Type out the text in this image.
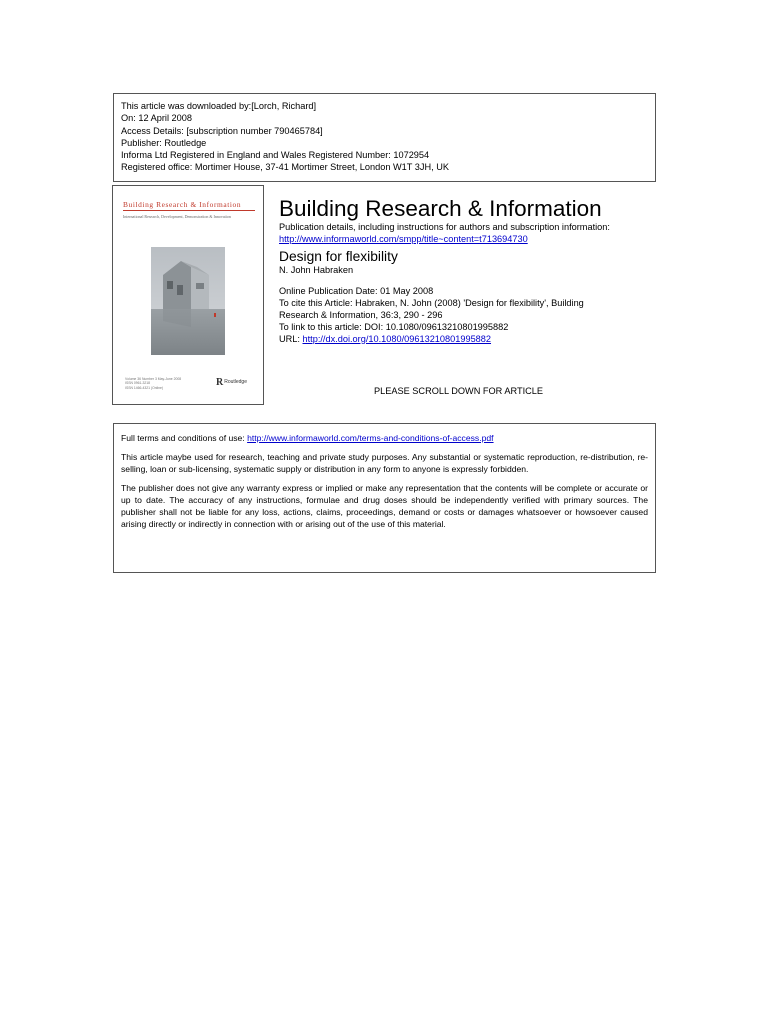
This article was downloaded by:[Lorch, Richard]
On: 12 April 2008
Access Details: [subscription number 790465784]
Publisher: Routledge
Informa Ltd Registered in England and Wales Registered Number: 1072954
Registered office: Mortimer House, 37-41 Mortimer Street, London W1T 3JH, UK
Building Research & Information
International Research, Development, Demonstration & Innovation
Volume 36 Number 3 May-June 2008
ISSN 0961-3218
ISSN 1466-4321 (Online)
RRoutledge
Building Research & Information
Publication details, including instructions for authors and subscription information:
http://www.informaworld.com/smpp/title~content=t713694730
Design for flexibility
N. John Habraken
Online Publication Date: 01 May 2008
To cite this Article: Habraken, N. John (2008) 'Design for flexibility', Building
Research & Information, 36:3, 290 - 296
To link to this article: DOI: 10.1080/09613210801995882
URL: http://dx.doi.org/10.1080/09613210801995882
PLEASE SCROLL DOWN FOR ARTICLE

Full terms and conditions of use: http://www.informaworld.com/terms-and-conditions-of-access.pdf

This article maybe used for research, teaching and private study purposes. Any substantial or systematic reproduction, re-distribution, re-selling, loan or sub-licensing, systematic supply or distribution in any form to anyone is expressly forbidden.

The publisher does not give any warranty express or implied or make any representation that the contents will be complete or accurate or up to date. The accuracy of any instructions, formulae and drug doses should be independently verified with primary sources. The publisher shall not be liable for any loss, actions, claims, proceedings, demand or costs or damages whatsoever or howsoever caused arising directly or indirectly in connection with or arising out of the use of this material.
